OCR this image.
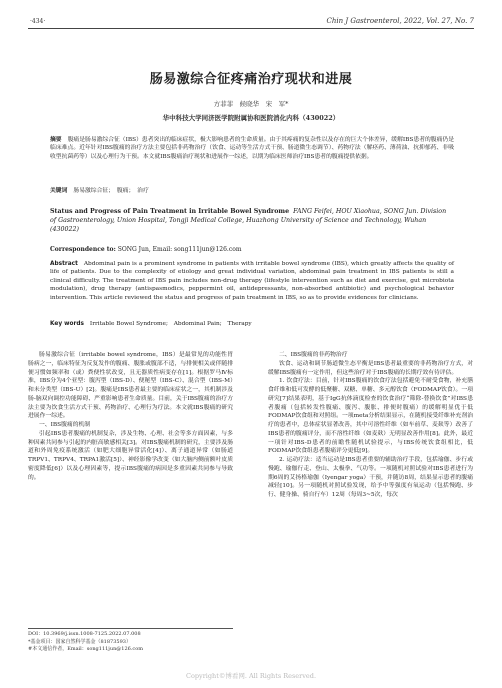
·434·	Chin J Gastroenterol, 2022, Vol. 27, No. 7
肠易激综合征疼痛治疗现状和进展
方菲菲　候晓华　宋　军*
华中科技大学同济医学院附属协和医院消化内科（430022）
摘要 腹痛是肠易激综合征（IBS）患者突出的临床症状，极大影响患者的生命质量。由于其疼痛的复杂性以及存在的巨大个体差异，缓解IBS患者的腹痛仍是临床难点。近年针对IBS腹痛的治疗方法主要包括非药物治疗（饮食、运动等生活方式干预、肠道微生态调节）、药物疗法（解痉药、薄荷油、抗抑郁药、非吸收型抗菌药等）以及心理行为干预。本文就IBS腹痛治疗现状和进展作一综述，以期为临床医师治疗IBS患者的腹痛提供依据。
关键词 肠易激综合征；　腹痛；　治疗
Status and Progress of Pain Treatment in Irritable Bowel Syndrome FANG Feifei, HOU Xiaohua, SONG Jun. Division of Gastroenterology, Union Hospital, Tongji Medical College, Huazhong University of Science and Technology, Wuhan (430022)
Correspondence to: SONG Jun, Email: song111jun@126.com
Abstract Abdominal pain is a prominent syndrome in patients with irritable bowel syndrome (IBS), which greatly affects the quality of life of patients. Due to the complexity of etiology and great individual variation, abdominal pain treatment in IBS patients is still a clinical difficulty. The treatment of IBS pain includes non-drug therapy (lifestyle intervention such as diet and exercise, gut microbiota modulation), drug therapy (antispasmodics, peppermint oil, antidepressants, non-absorbed antibiotic) and psychological behavior intervention. This article reviewed the status and progress of pain treatment in IBS, so as to provide evidences for clinicians.
Key words Irritable Bowel Syndrome;　Abdominal Pain;　Therapy

肠易激综合征（irritable bowel syndrome，IBS）是最常见的功能性胃肠病之一，临床特征为反复发作的腹痛、腹胀或腹部不适，与排便相关或伴随排便习惯如频率和（或）粪便性状改变，且无器质性病变存在[1]。根据罗马Ⅳ标准，IBS分为4个亚型：腹泻型（IBS-D）、便秘型（IBS-C）、混合型（IBS-M）和未分类型（IBS-U）[2]。腹痛是IBS患者最主要的临床症状之一，其机制涉及肠-脑双向调控功能障碍、严重影响患者生命质量。目前，关于IBS腹痛的治疗方法主要为饮食生活方式干预、药物治疗、心理行为疗法。本文就IBS腹痛的研究进展作一综述。

一、IBS腹痛的机制

引起IBS患者腹痛的机制复杂，涉及生物、心理、社会等多方面因素，与多种因素共同参与引起的内脏高敏感相关[3]。对IBS腹痛机制的研究，主要涉及肠道和外周免疫系统激活（如肥大细胞异常活化[4]）、离子通道异常（如肠道TRPV1、TRPV4、TRPA1激活[5]）、神经影像学改变（如大脑内侧前额叶皮质密度降低[6]）以及心理因素等，提示IBS腹痛的病因是多重因素共同参与导致的。

二、IBS腹痛的非药物治疗

饮食、运动和调节肠道微生态平衡是IBS患者最重要的非药物治疗方式，对缓解IBS腹痛有一定作用，但这些治疗对于IBS腹痛的长期疗效有待评估。

1. 饮食疗法：目前，针对IBS腹痛的饮食疗法包括避免不耐受食物，补充膳食纤维和低可发酵的低聚糖、双糖、单糖、多元醇饮食（FODMAP饮食）。一项研究[7]结果表明，基于IgG抗体滴度检查的饮食治疗“筛除-替换饮食”对IBS患者腹痛（包括转发性腹痛、腹泻、腹胀、排便时腹痛）的缓解明显优于低FODMAP饮食组和对照组。一项meta分析结果显示，在随机接受纤维补充剂治疗的患者中，总体症状显著改善，其中可溶性纤维（如车前草、麦麸等）改善了IBS患者的腹痛评分，而不溶性纤维（如麦麸）无明显改善作用[8]。此外，最近一项针对IBS-D患者的前瞻性随机试验提示，与IBS传统饮食组相比，低FODMAP饮食组患者腹痛评分更低[9]。

2. 运动疗法：适当运动是IBS患者重要的辅助治疗手段，包括瑜伽、步行或慢跑、瑜伽行走、登山、太极拳、气功等。一项随机对照试验对IBS患者进行为期6周的艾扬格瑜伽（Iyengar yoga）干预，并随访8周，结果显示患者的腹痛减轻[10]。另一项随机对照试验发现，给予中等强度有氧运动（包括慢跑、步行、健身操、骑自行车）12周（每周3~5次，每次

DOI：10.3969/j.issn.1008-7125.2022.07.008
*基金项目：国家自然科学基金（81873593）
#本文通信作者，Email：song111jun@126.com
Copyright©博看网. All Rights Reserved.
